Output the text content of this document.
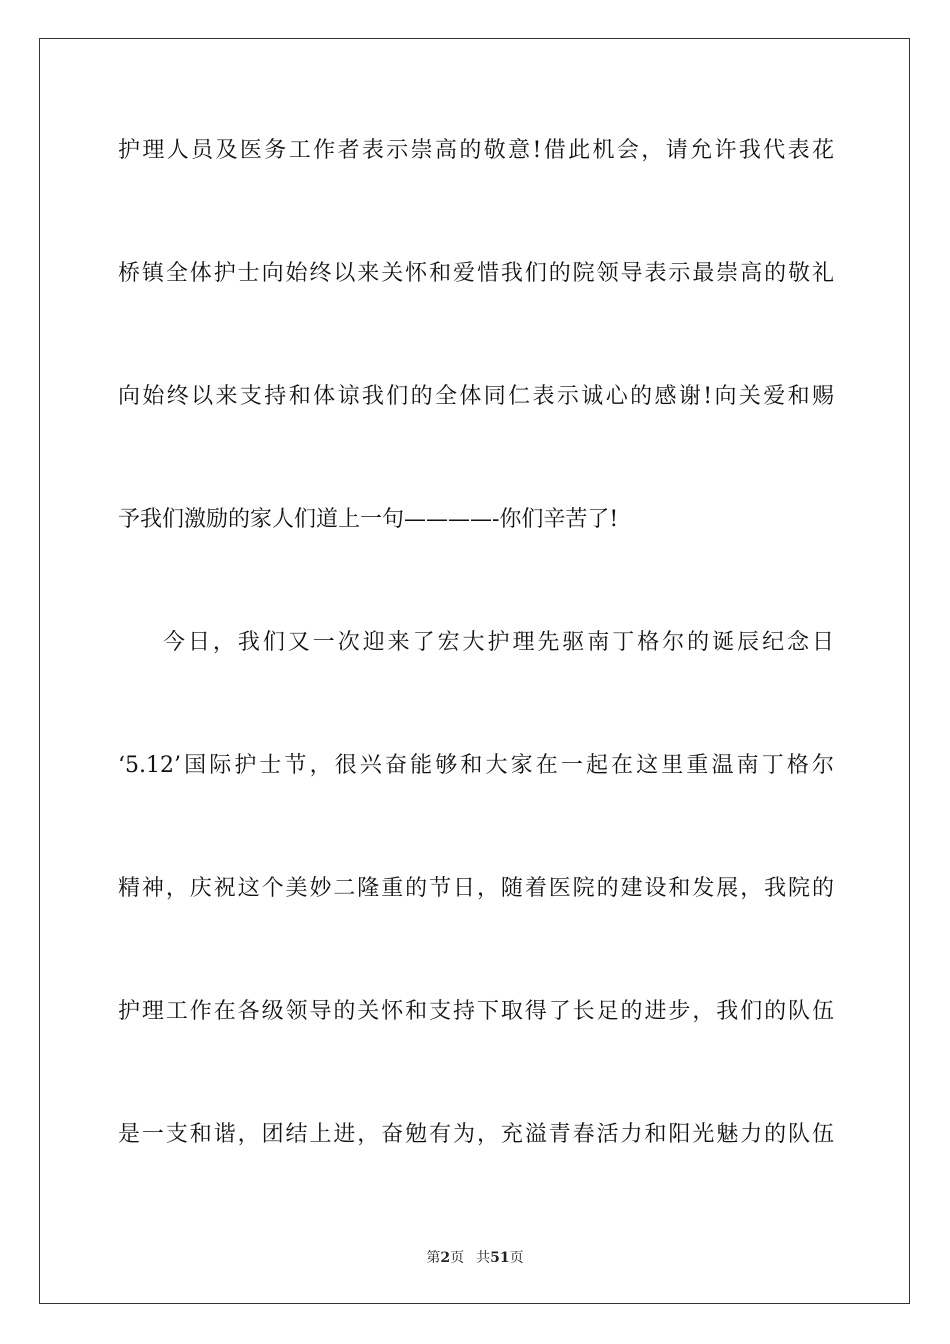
护理人员及医务工作者表示崇高的敬意!借此机会，请允许我代表花
桥镇全体护士向始终以来关怀和爱惜我们的院领导表示最崇高的敬礼
向始终以来支持和体谅我们的全体同仁表示诚心的感谢!向关爱和赐
予我们激励的家人们道上一句————-你们辛苦了!
今日，我们又一次迎来了宏大护理先驱南丁格尔的诞辰纪念日
‘5.12’国际护士节，很兴奋能够和大家在一起在这里重温南丁格尔
精神，庆祝这个美妙二隆重的节日，随着医院的建设和发展，我院的
护理工作在各级领导的关怀和支持下取得了长足的进步，我们的队伍
是一支和谐，团结上进，奋勉有为，充溢青春活力和阳光魅力的队伍
第2页 共51页
